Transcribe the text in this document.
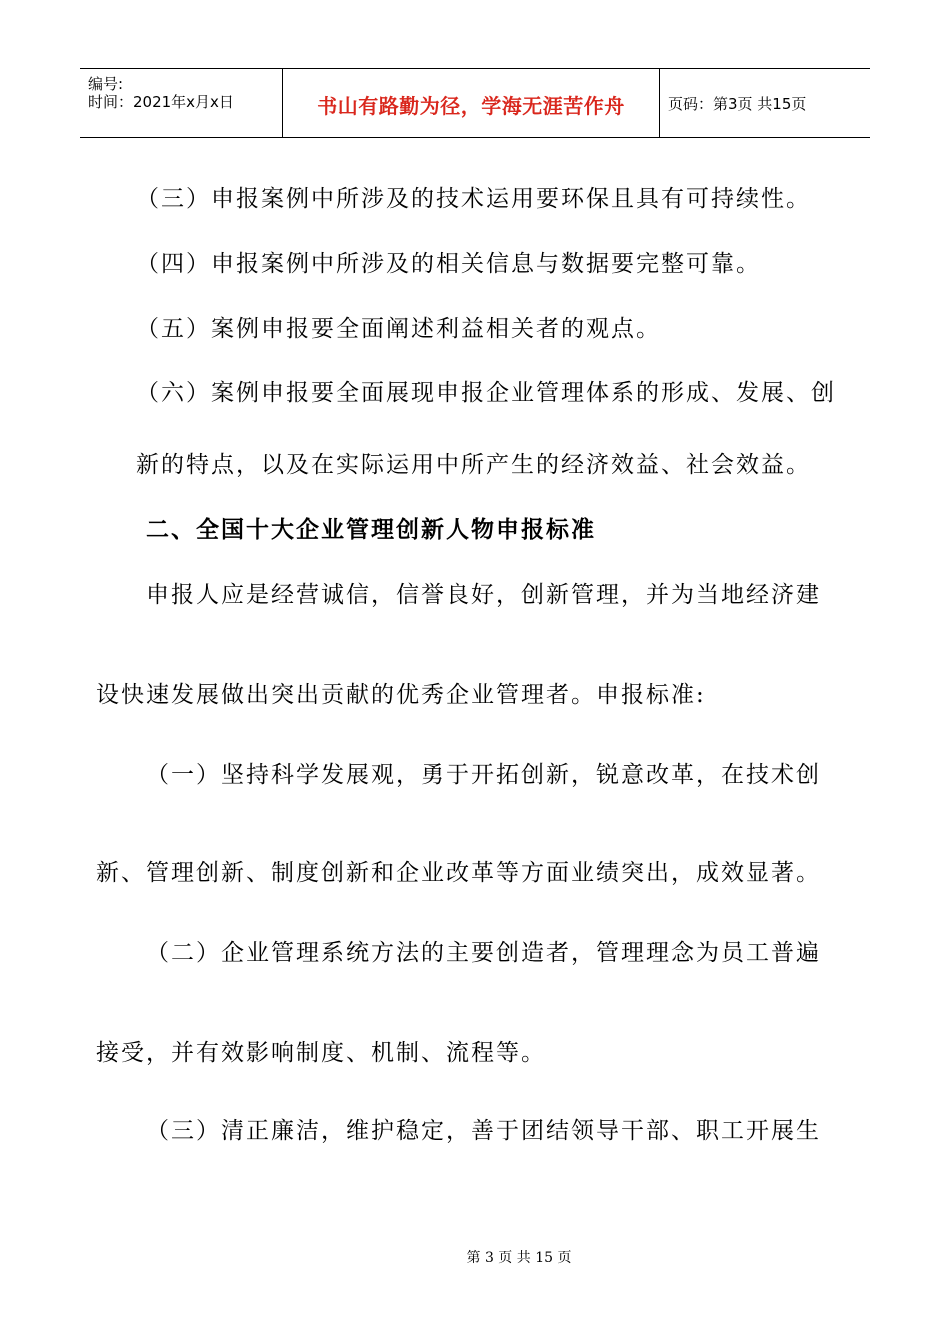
编号:
时间：2021年x月x日	书山有路勤为径，学海无涯苦作舟	页码：第3页 共15页
（三）申报案例中所涉及的技术运用要环保且具有可持续性。
（四）申报案例中所涉及的相关信息与数据要完整可靠。
（五）案例申报要全面阐述利益相关者的观点。
（六）案例申报要全面展现申报企业管理体系的形成、发展、创
新的特点，以及在实际运用中所产生的经济效益、社会效益。
二、全国十大企业管理创新人物申报标准
申报人应是经营诚信，信誉良好，创新管理，并为当地经济建
设快速发展做出突出贡献的优秀企业管理者。申报标准:
（一）坚持科学发展观，勇于开拓创新，锐意改革，在技术创
新、管理创新、制度创新和企业改革等方面业绩突出，成效显著。
（二）企业管理系统方法的主要创造者，管理理念为员工普遍
接受，并有效影响制度、机制、流程等。
（三）清正廉洁，维护稳定，善于团结领导干部、职工开展生
第 3 页 共 15 页
